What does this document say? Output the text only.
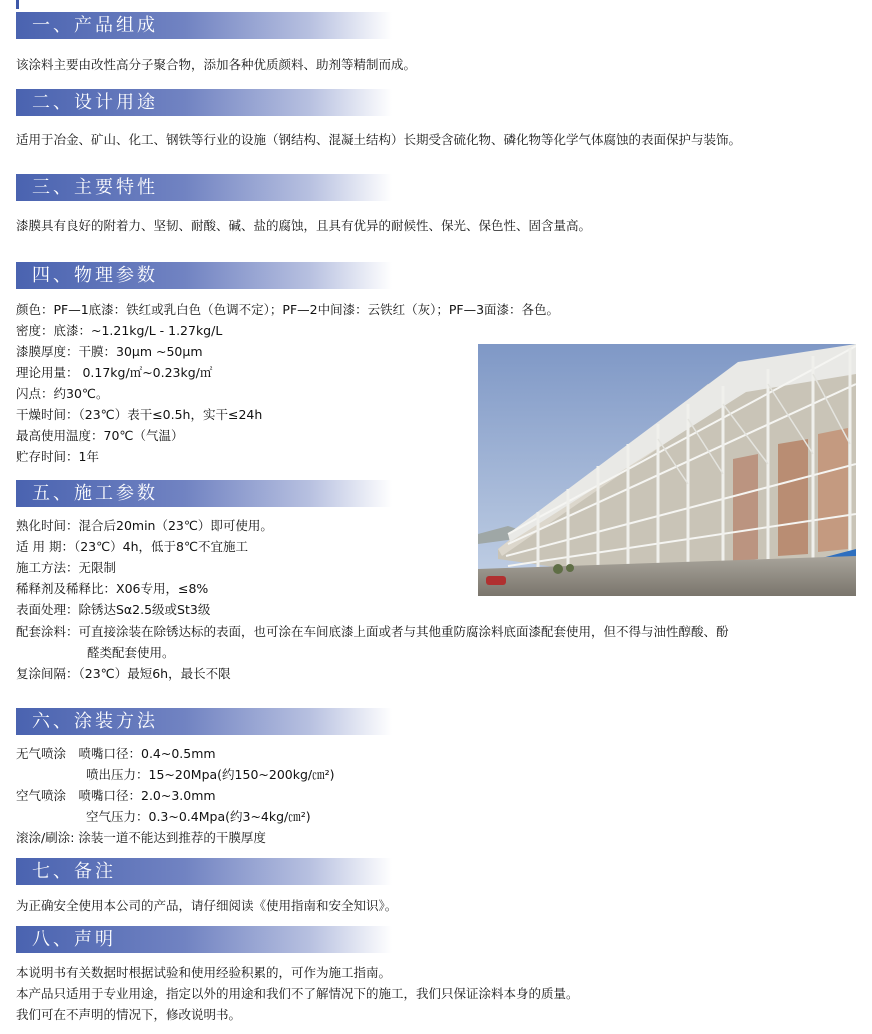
一、产品组成
该涂料主要由改性高分子聚合物，添加各种优质颜料、助剂等精制而成。
二、设计用途
适用于冶金、矿山、化工、钢铁等行业的设施（钢结构、混凝土结构）长期受含硫化物、磷化物等化学气体腐蚀的表面保护与装饰。
三、主要特性
漆膜具有良好的附着力、坚韧、耐酸、碱、盐的腐蚀，且具有优异的耐候性、保光、保色性、固含量高。
四、物理参数
颜色：PF—1底漆：铁红或乳白色（色调不定）；PF—2中间漆：云铁红（灰）；PF—3面漆：各色。
密度：底漆：~1.21kg/L - 1.27kg/L
漆膜厚度：干膜：30μm ~50μm
理论用量： 0.17kg/㎡~0.23kg/㎡
闪点：约30℃。
干燥时间：（23℃）表干≤0.5h，实干≤24h
最高使用温度：70℃（气温）
贮存时间：1年
五、施工参数
熟化时间：混合后20min（23℃）即可使用。
适 用 期：（23℃）4h，低于8℃不宜施工
施工方法：无限制
稀释剂及稀释比：X06专用，≤8%
表面处理：除锈达Sα2.5级或St3级
配套涂料：可直接涂装在除锈达标的表面，也可涂在车间底漆上面或者与其他重防腐涂料底面漆配套使用，但不得与油性醇酸、酚
醛类配套使用。
复涂间隔：（23℃）最短6h，最长不限
六、涂装方法
无气喷涂　喷嘴口径：0.4~0.5mm
喷出压力：15~20Mpa(约150~200kg/㎝²)
空气喷涂　喷嘴口径：2.0~3.0mm
空气压力：0.3~0.4Mpa(约3~4kg/㎝²)
滚涂/刷涂: 涂装一道不能达到推荐的干膜厚度
七、备注
为正确安全使用本公司的产品，请仔细阅读《使用指南和安全知识》。
八、声明
本说明书有关数据时根据试验和使用经验积累的，可作为施工指南。
本产品只适用于专业用途，指定以外的用途和我们不了解情况下的施工，我们只保证涂料本身的质量。
我们可在不声明的情况下，修改说明书。
